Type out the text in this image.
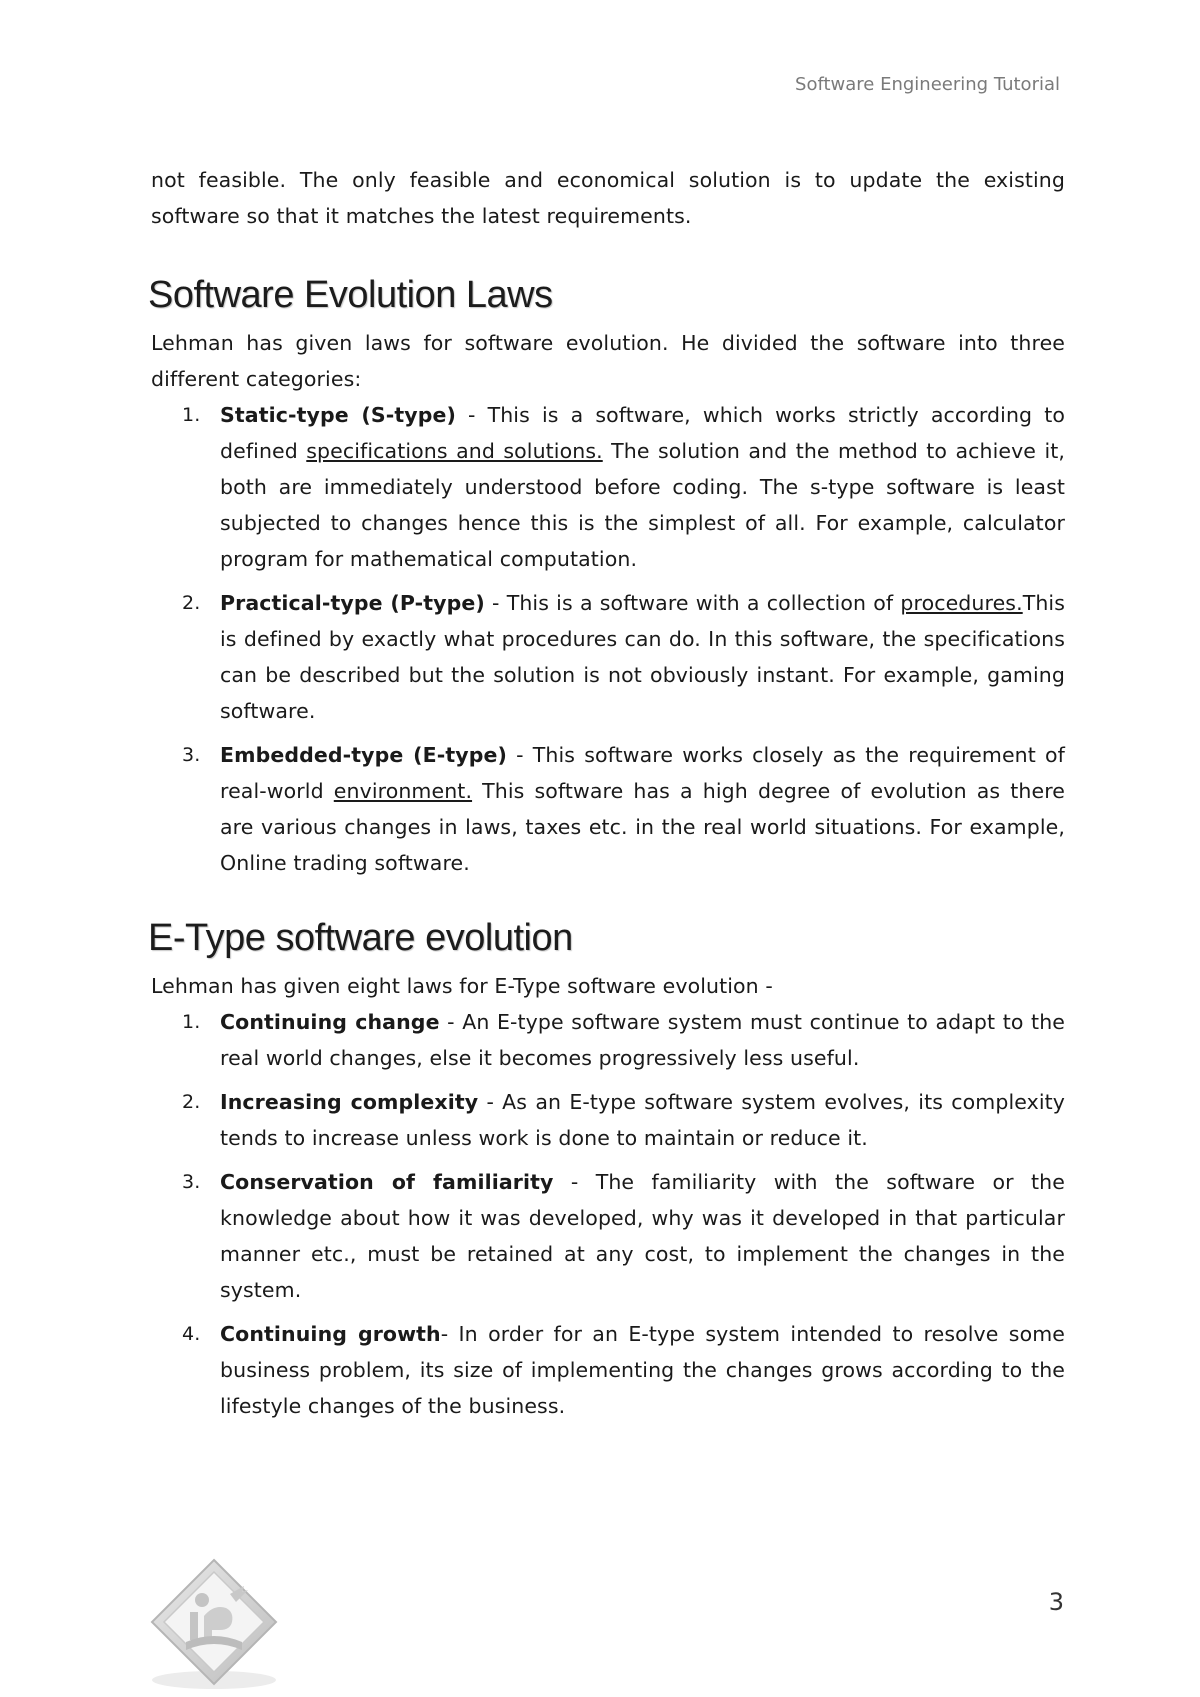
Software Engineering Tutorial

not feasible. The only feasible and economical solution is to update the existing software so that it matches the latest requirements.

Software Evolution Laws

Lehman has given laws for software evolution. He divided the software into three different categories:

1. Static-type (S-type) - This is a software, which works strictly according to defined specifications and solutions. The solution and the method to achieve it, both are immediately understood before coding. The s-type software is least subjected to changes hence this is the simplest of all. For example, calculator program for mathematical computation.

2. Practical-type (P-type) - This is a software with a collection of procedures.This is defined by exactly what procedures can do. In this software, the specifications can be described but the solution is not obviously instant. For example, gaming software.

3. Embedded-type (E-type) - This software works closely as the requirement of real-world environment. This software has a high degree of evolution as there are various changes in laws, taxes etc. in the real world situations. For example, Online trading software.

E-Type software evolution

Lehman has given eight laws for E-Type software evolution -

1. Continuing change - An E-type software system must continue to adapt to the real world changes, else it becomes progressively less useful.

2. Increasing complexity - As an E-type software system evolves, its complexity tends to increase unless work is done to maintain or reduce it.

3. Conservation of familiarity - The familiarity with the software or the knowledge about how it was developed, why was it developed in that particular manner etc., must be retained at any cost, to implement the changes in the system.

4. Continuing growth- In order for an E-type system intended to resolve some business problem, its size of implementing the changes grows according to the lifestyle changes of the business.

3
